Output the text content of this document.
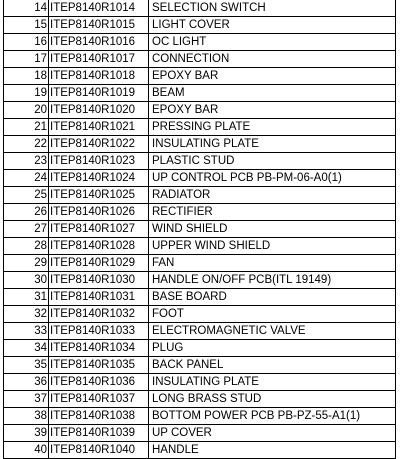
14	ITEP8140R1014	SELECTION SWITCH
15	ITEP8140R1015	LIGHT COVER
16	ITEP8140R1016	OC LIGHT
17	ITEP8140R1017	CONNECTION
18	ITEP8140R1018	EPOXY BAR
19	ITEP8140R1019	BEAM
20	ITEP8140R1020	EPOXY BAR
21	ITEP8140R1021	PRESSING PLATE
22	ITEP8140R1022	INSULATING PLATE
23	ITEP8140R1023	PLASTIC STUD
24	ITEP8140R1024	UP CONTROL PCB PB-PM-06-A0(1)
25	ITEP8140R1025	RADIATOR
26	ITEP8140R1026	RECTIFIER
27	ITEP8140R1027	WIND SHIELD
28	ITEP8140R1028	UPPER WIND SHIELD
29	ITEP8140R1029	FAN
30	ITEP8140R1030	HANDLE ON/OFF PCB(ITL 19149)
31	ITEP8140R1031	BASE BOARD
32	ITEP8140R1032	FOOT
33	ITEP8140R1033	ELECTROMAGNETIC VALVE
34	ITEP8140R1034	PLUG
35	ITEP8140R1035	BACK PANEL
36	ITEP8140R1036	INSULATING PLATE
37	ITEP8140R1037	LONG BRASS STUD
38	ITEP8140R1038	BOTTOM POWER PCB PB-PZ-55-A1(1)
39	ITEP8140R1039	UP COVER
40	ITEP8140R1040	HANDLE
